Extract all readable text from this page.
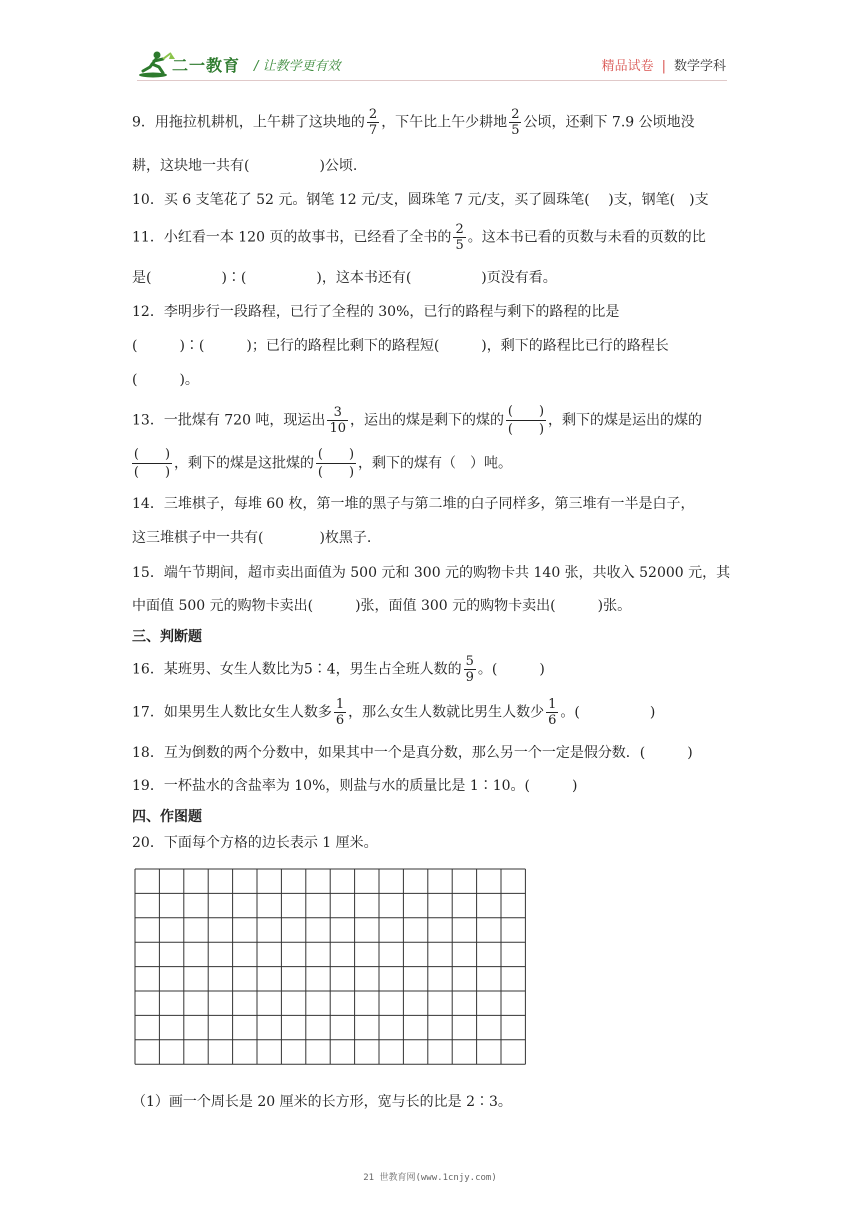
二一教育 / 让教学更有效	精品试卷 | 数学学科
9．用拖拉机耕机，上午耕了这块地的 $\frac{2}{7}$ ，下午比上午少耕地 $\frac{2}{5}$ 公顷，还剩下 7.9 公顷地没
耕，这块地一共有(　　　　　)公顷.
10．买 6 支笔花了 52 元。钢笔 12 元/支，圆珠笔 7 元/支，买了圆珠笔(　 )支，钢笔(　)支
11．小红看一本 120 页的故事书，已经看了全书的 $\frac{2}{5}$ 。这本书已看的页数与未看的页数的比
是(　　　　　)∶(　　　　　)，这本书还有(　　　　　)页没有看。
12．李明步行一段路程，已行了全程的 30%，已行的路程与剩下的路程的比是
(　　　)∶(　　　)；已行的路程比剩下的路程短(　　　)，剩下的路程比已行的路程长
(　　　)。
13．一批煤有 720 吨，现运出 $\frac{3}{10}$ ，运出的煤是剩下的煤的 $\frac{( )}{( )}$ ，剩下的煤是运出的煤的
$\frac{( )}{( )}$ ，剩下的煤是这批煤的 $\frac{( )}{( )}$ ，剩下的煤有（　）吨。
14．三堆棋子，每堆 60 枚，第一堆的黑子与第二堆的白子同样多，第三堆有一半是白子，
这三堆棋子中一共有(　　　　)枚黑子.
15．端午节期间，超市卖出面值为 500 元和 300 元的购物卡共 140 张，共收入 52000 元，其
中面值 500 元的购物卡卖出(　　　)张，面值 300 元的购物卡卖出(　　　)张。
三、判断题
16．某班男、女生人数比为5∶4，男生占全班人数的 $\frac{5}{9}$ 。(　　　)
17．如果男生人数比女生人数多 $\frac{1}{6}$ ，那么女生人数就比男生人数少 $\frac{1}{6}$ 。(　　　　　)
18．互为倒数的两个分数中，如果其中一个是真分数，那么另一个一定是假分数．(　　　)
19．一杯盐水的含盐率为 10%，则盐与水的质量比是 1∶10。(　　　)
四、作图题
20．下面每个方格的边长表示 1 厘米。
（1）画一个周长是 20 厘米的长方形，宽与长的比是 2∶3。
21 世教育网(www.1cnjy.com)
